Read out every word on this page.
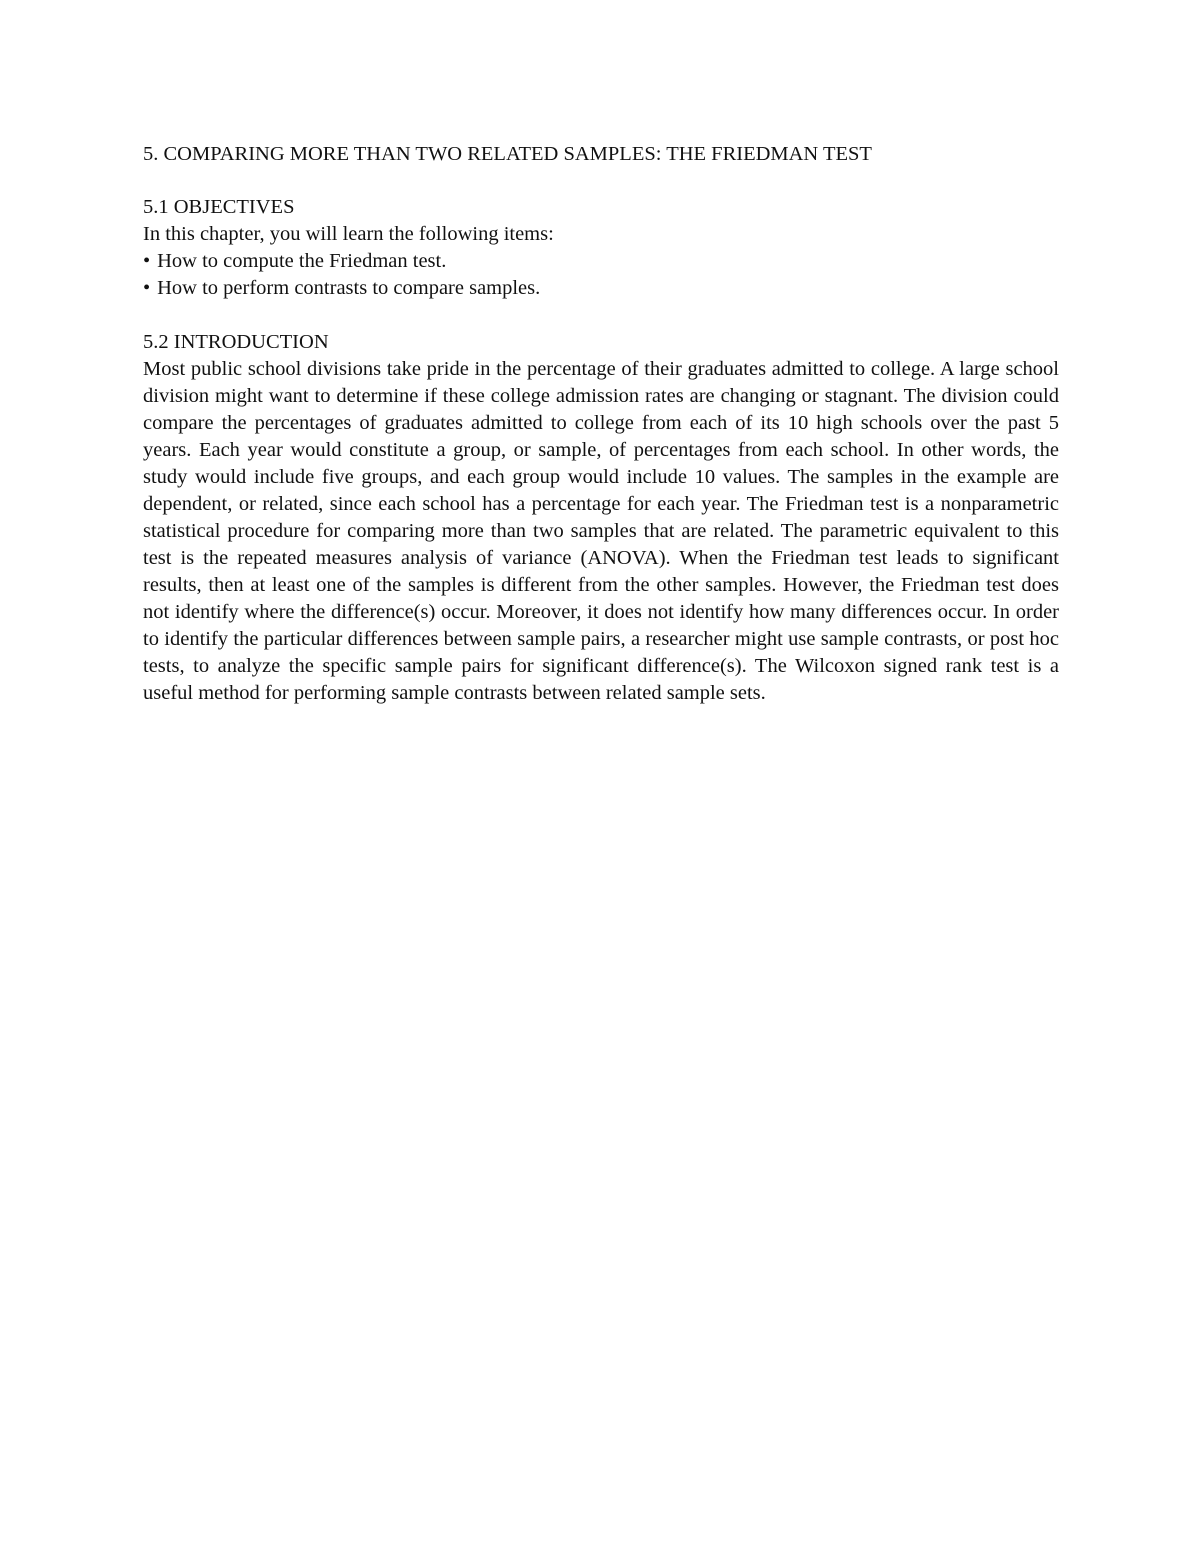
5. COMPARING MORE THAN TWO RELATED SAMPLES: THE FRIEDMAN TEST
5.1 OBJECTIVES

In this chapter, you will learn the following items:

• How to compute the Friedman test.
• How to perform contrasts to compare samples.
5.2 INTRODUCTION

Most public school divisions take pride in the percentage of their graduates admitted to college. A large school division might want to determine if these college admission rates are changing or stagnant. The division could compare the percentages of graduates admitted to college from each of its 10 high schools over the past 5 years. Each year would constitute a group, or sample, of percentages from each school. In other words, the study would include five groups, and each group would include 10 values. The samples in the example are dependent, or related, since each school has a percentage for each year. The Friedman test is a nonparametric statistical procedure for comparing more than two samples that are related. The parametric equivalent to this test is the repeated measures analysis of variance (ANOVA). When the Friedman test leads to significant results, then at least one of the samples is different from the other samples. However, the Friedman test does not identify where the difference(s) occur. Moreover, it does not identify how many differences occur. In order to identify the particular differences between sample pairs, a researcher might use sample contrasts, or post hoc tests, to analyze the specific sample pairs for significant difference(s). The Wilcoxon signed rank test is a useful method for performing sample contrasts between related sample sets.
